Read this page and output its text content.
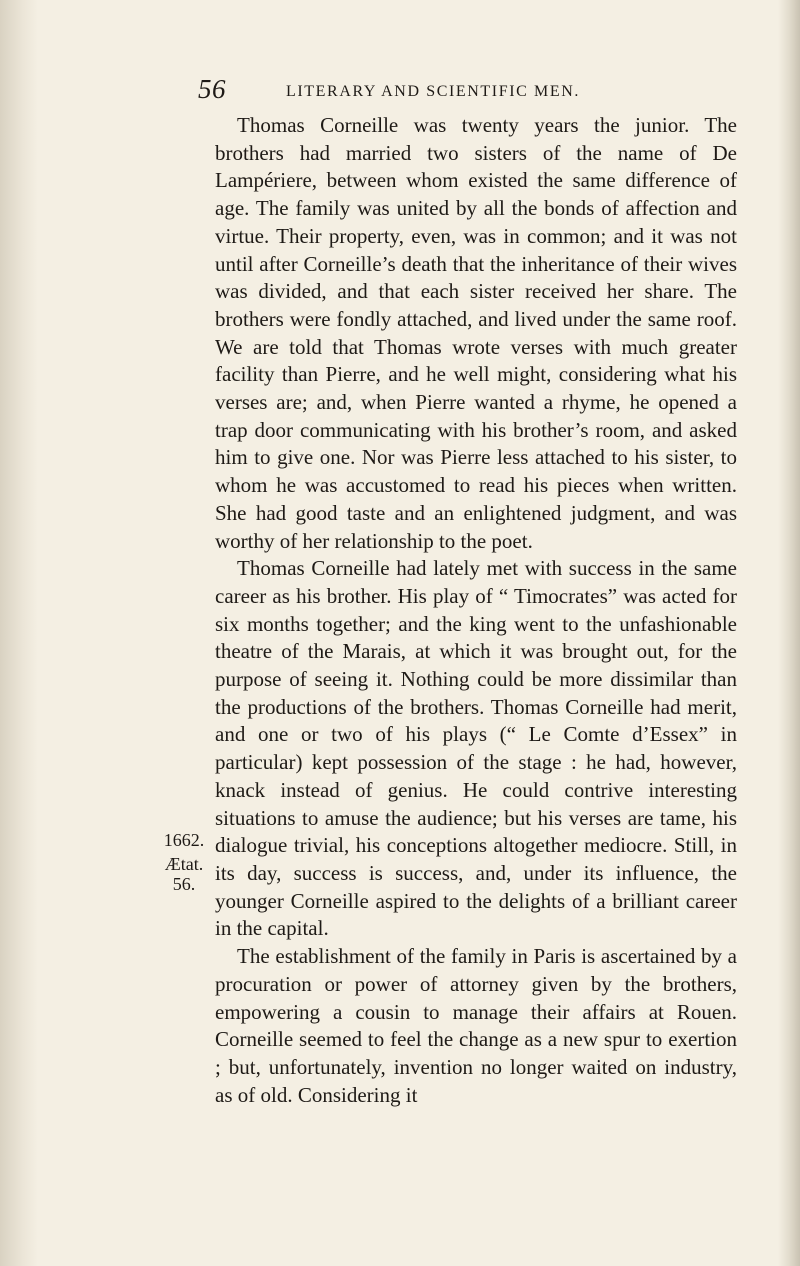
56	LITERARY AND SCIENTIFIC MEN.
1662.
Ætat.
56.

Thomas Corneille was twenty years the junior. The brothers had married two sisters of the name of De Lampériere, between whom existed the same difference of age. The family was united by all the bonds of affection and virtue. Their property, even, was in common; and it was not until after Corneille’s death that the inheritance of their wives was divided, and that each sister received her share. The brothers were fondly attached, and lived under the same roof. We are told that Thomas wrote verses with much greater facility than Pierre, and he well might, considering what his verses are; and, when Pierre wanted a rhyme, he opened a trap door communicating with his brother’s room, and asked him to give one. Nor was Pierre less attached to his sister, to whom he was accustomed to read his pieces when written. She had good taste and an enlightened judgment, and was worthy of her relationship to the poet.

Thomas Corneille had lately met with success in the same career as his brother. His play of “ Timocrates” was acted for six months together; and the king went to the unfashionable theatre of the Marais, at which it was brought out, for the purpose of seeing it. Nothing could be more dissimilar than the productions of the brothers. Thomas Corneille had merit, and one or two of his plays (“ Le Comte d’Essex” in particular) kept possession of the stage : he had, however, knack instead of genius. He could contrive interesting situations to amuse the audience; but his verses are tame, his dialogue trivial, his conceptions altogether mediocre. Still, in its day, success is success, and, under its influence, the younger Corneille aspired to the delights of a brilliant career in the capital.

The establishment of the family in Paris is ascertained by a procuration or power of attorney given by the brothers, empowering a cousin to manage their affairs at Rouen. Corneille seemed to feel the change as a new spur to exertion ; but, unfortunately, invention no longer waited on industry, as of old. Considering it
